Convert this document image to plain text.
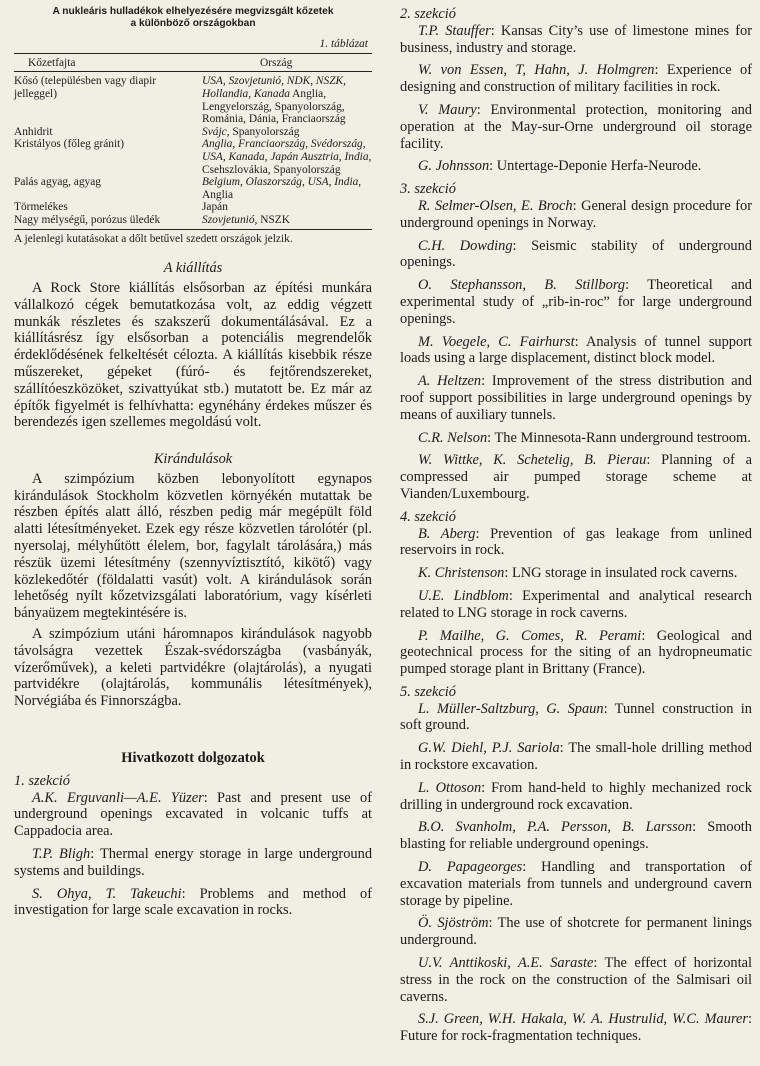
A nukleáris hulladékok elhelyezésére megvizsgált kőzetek
a különböző országokban

1. táblázat

Kőzetfajta	Ország
Kősó (településben vagy diapir jelleggel)	USA, Szovjetunió, NDK, NSZK, Hollandia, Kanada Anglia, Lengyelország, Spanyolország, Románia, Dánia, Franciaország
Anhidrit	Svájc, Spanyolország
Kristályos (főleg gránit)	Anglia, Franciaország, Svédország, USA, Kanada, Japán Ausztria, India, Csehszlovákia, Spanyolország
Palás agyag, agyag	Belgium, Olaszország, USA, India, Anglia
Törmelékes	Japán
Nagy mélységű, porózus üledék	Szovjetunió, NSZK

A jelenlegi kutatásokat a dőlt betűvel szedett országok jelzik.

A kiállítás

A Rock Store kiállítás elsősorban az építési munkára vállalkozó cégek bemutatkozása volt, az eddig végzett munkák részletes és szakszerű dokumentálásával. Ez a kiállításrész így elsősorban a potenciális megrendelők érdeklődésének felkeltését célozta. A kiállítás kisebbik része műszereket, gépeket (fúró- és fejtőrendszereket, szállítóeszközöket, szivattyúkat stb.) mutatott be. Ez már az építők figyelmét is felhívhatta: egynéhány érdekes műszer és berendezés igen szellemes megoldású volt.

Kirándulások

A szimpózium közben lebonyolított egynapos kirándulások Stockholm közvetlen környékén mutattak be részben építés alatt álló, részben pedig már megépült föld alatti létesítményeket. Ezek egy része közvetlen tárolótér (pl. nyersolaj, mélyhűtött élelem, bor, fagylalt tárolására,) más részük üzemi létesítmény (szennyvíztisztító, kikötő) vagy közlekedőtér (földalatti vasút) volt. A kirándulások során lehetőség nyílt kőzetvizsgálati laboratórium, vagy kísérleti bányaüzem megtekintésére is.

A szimpózium utáni háromnapos kirándulások nagyobb távolságra vezettek Észak-svédországba (vasbányák, vízerőművek), a keleti partvidékre (olajtárolás), a nyugati partvidékre (olajtárolás, kommunális létesítmények), Norvégiába és Finnországba.

Hivatkozott dolgozatok

1. szekció

A.K. Erguvanli—A.E. Yüzer: Past and present use of underground openings excavated in volcanic tuffs at Cappadocia area.

T.P. Bligh: Thermal energy storage in large underground systems and buildings.

S. Ohya, T. Takeuchi: Problems and method of investigation for large scale excavation in rocks.

2. szekció

T.P. Stauffer: Kansas City’s use of limestone mines for business, industry and storage.

W. von Essen, T, Hahn, J. Holmgren: Experience of designing and construction of military facilities in rock.

V. Maury: Environmental protection, monitoring and operation at the May-sur-Orne underground oil storage facility.

G. Johnsson: Untertage-Deponie Herfa-Neurode.

3. szekció

R. Selmer-Olsen, E. Broch: General design procedure for underground openings in Norway.

C.H. Dowding: Seismic stability of underground openings.

O. Stephansson, B. Stillborg: Theoretical and experimental study of „rib-in-roc” for large underground openings.

M. Voegele, C. Fairhurst: Analysis of tunnel support loads using a large displacement, distinct block model.

A. Heltzen: Improvement of the stress distribution and roof support possibilities in large underground openings by means of auxiliary tunnels.

C.R. Nelson: The Minnesota-Rann underground testroom.

W. Wittke, K. Schetelig, B. Pierau: Planning of a compressed air pumped storage scheme at Vianden/Luxembourg.

4. szekció

B. Aberg: Prevention of gas leakage from unlined reservoirs in rock.

K. Christenson: LNG storage in insulated rock caverns.

U.E. Lindblom: Experimental and analytical research related to LNG storage in rock caverns.

P. Mailhe, G. Comes, R. Perami: Geological and geotechnical process for the siting of an hydropneumatic pumped storage plant in Brittany (France).

5. szekció

L. Müller-Saltzburg, G. Spaun: Tunnel construction in soft ground.

G.W. Diehl, P.J. Sariola: The small-hole drilling method in rockstore excavation.

L. Ottoson: From hand-held to highly mechanized rock drilling in underground rock excavation.

B.O. Svanholm, P.A. Persson, B. Larsson: Smooth blasting for reliable underground openings.

D. Papageorges: Handling and transportation of excavation materials from tunnels and underground cavern storage by pipeline.

Ö. Sjöström: The use of shotcrete for permanent linings underground.

U.V. Anttikoski, A.E. Saraste: The effect of horizontal stress in the rock on the construction of the Salmisari oil caverns.

S.J. Green, W.H. Hakala, W. A. Hustrulid, W.C. Maurer: Future for rock-fragmentation techniques.
